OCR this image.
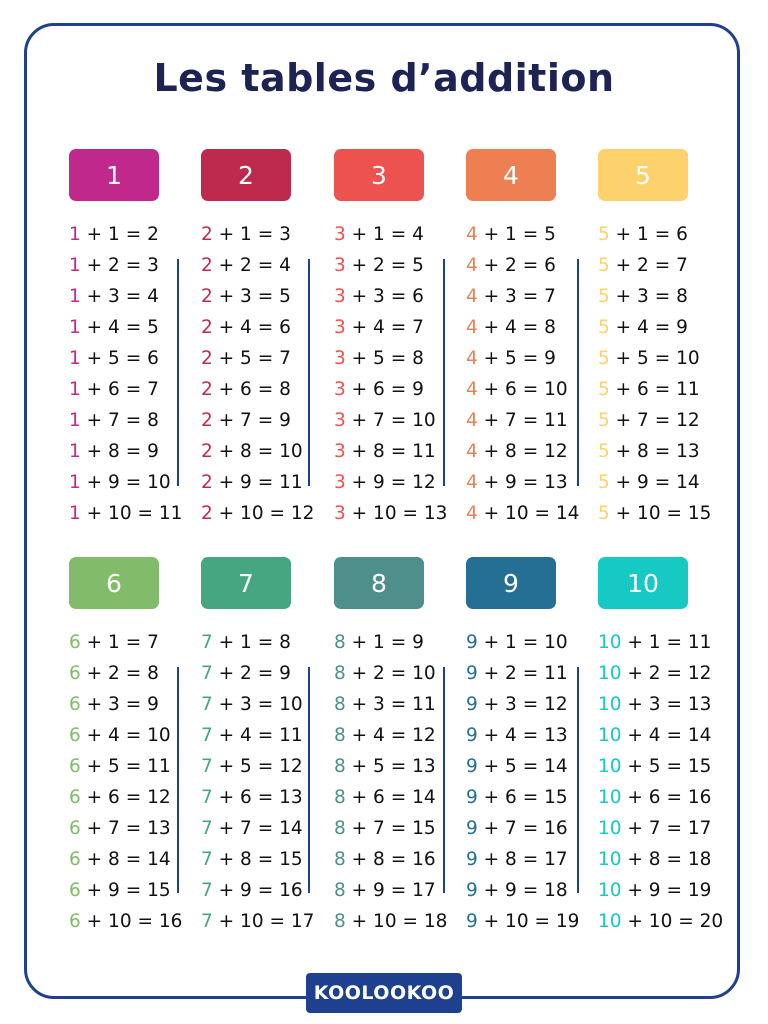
Les tables d’addition
1
1 + 1 = 2
1 + 2 = 3
1 + 3 = 4
1 + 4 = 5
1 + 5 = 6
1 + 6 = 7
1 + 7 = 8
1 + 8 = 9
1 + 9 = 10
1 + 10 = 11
2
2 + 1 = 3
2 + 2 = 4
2 + 3 = 5
2 + 4 = 6
2 + 5 = 7
2 + 6 = 8
2 + 7 = 9
2 + 8 = 10
2 + 9 = 11
2 + 10 = 12
3
3 + 1 = 4
3 + 2 = 5
3 + 3 = 6
3 + 4 = 7
3 + 5 = 8
3 + 6 = 9
3 + 7 = 10
3 + 8 = 11
3 + 9 = 12
3 + 10 = 13
4
4 + 1 = 5
4 + 2 = 6
4 + 3 = 7
4 + 4 = 8
4 + 5 = 9
4 + 6 = 10
4 + 7 = 11
4 + 8 = 12
4 + 9 = 13
4 + 10 = 14
5
5 + 1 = 6
5 + 2 = 7
5 + 3 = 8
5 + 4 = 9
5 + 5 = 10
5 + 6 = 11
5 + 7 = 12
5 + 8 = 13
5 + 9 = 14
5 + 10 = 15
6
6 + 1 = 7
6 + 2 = 8
6 + 3 = 9
6 + 4 = 10
6 + 5 = 11
6 + 6 = 12
6 + 7 = 13
6 + 8 = 14
6 + 9 = 15
6 + 10 = 16
7
7 + 1 = 8
7 + 2 = 9
7 + 3 = 10
7 + 4 = 11
7 + 5 = 12
7 + 6 = 13
7 + 7 = 14
7 + 8 = 15
7 + 9 = 16
7 + 10 = 17
8
8 + 1 = 9
8 + 2 = 10
8 + 3 = 11
8 + 4 = 12
8 + 5 = 13
8 + 6 = 14
8 + 7 = 15
8 + 8 = 16
8 + 9 = 17
8 + 10 = 18
9
9 + 1 = 10
9 + 2 = 11
9 + 3 = 12
9 + 4 = 13
9 + 5 = 14
9 + 6 = 15
9 + 7 = 16
9 + 8 = 17
9 + 9 = 18
9 + 10 = 19
10
10 + 1 = 11
10 + 2 = 12
10 + 3 = 13
10 + 4 = 14
10 + 5 = 15
10 + 6 = 16
10 + 7 = 17
10 + 8 = 18
10 + 9 = 19
10 + 10 = 20
KOOLOOKOO
